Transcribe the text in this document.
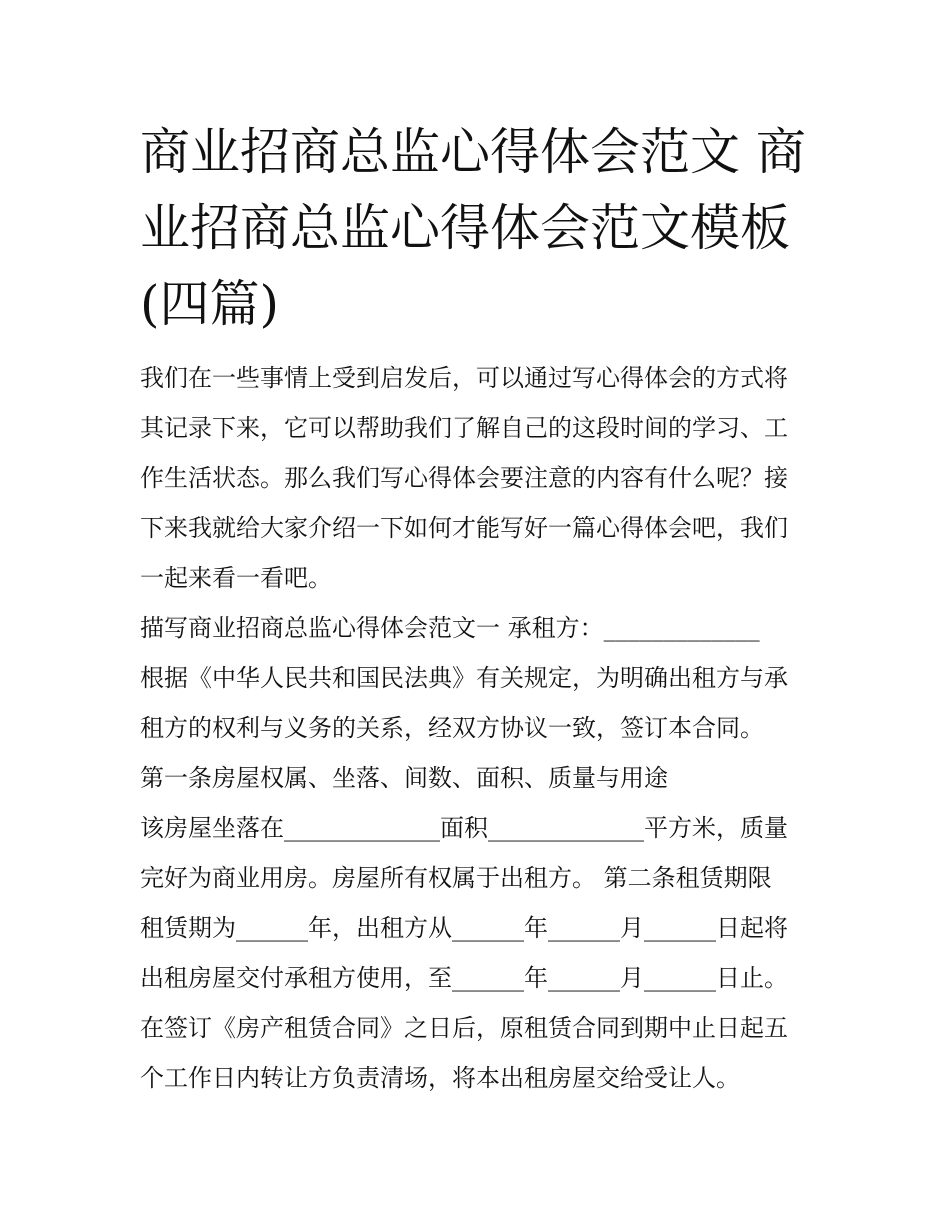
商业招商总监心得体会范文 商业招商总监心得体会范文模板(四篇)
我们在一些事情上受到启发后，可以通过写心得体会的方式将
其记录下来，它可以帮助我们了解自己的这段时间的学习、工
作生活状态。那么我们写心得体会要注意的内容有什么呢？接
下来我就给大家介绍一下如何才能写好一篇心得体会吧，我们
一起来看一看吧。
描写商业招商总监心得体会范文一 承租方：_____________
根据《中华人民共和国民法典》有关规定，为明确出租方与承
租方的权利与义务的关系，经双方协议一致，签订本合同。
第一条房屋权属、坐落、间数、面积、质量与用途
该房屋坐落在_____________面积_____________平方米，质量
完好为商业用房。房屋所有权属于出租方。 第二条租赁期限
租赁期为______年，出租方从______年______月______日起将
出租房屋交付承租方使用，至______年______月______日止。
在签订《房产租赁合同》之日后，原租赁合同到期中止日起五
个工作日内转让方负责清场，将本出租房屋交给受让人。
